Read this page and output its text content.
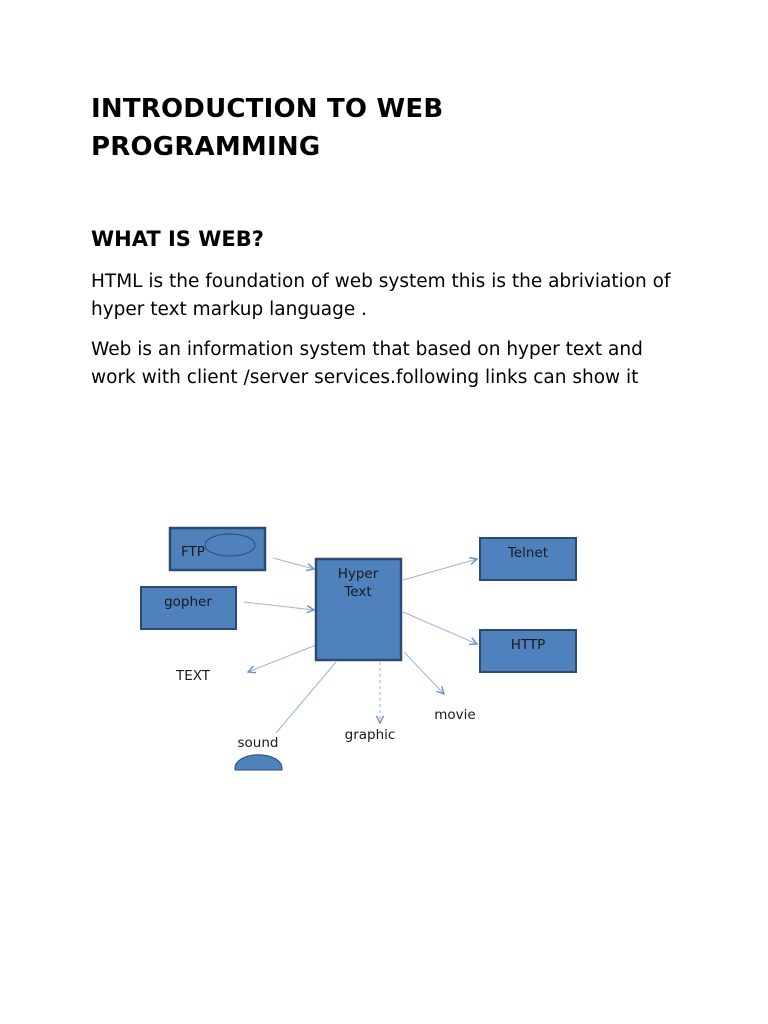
INTRODUCTION TO WEB PROGRAMMING
WHAT IS WEB?

HTML is the foundation of web system this is the abriviation of hyper text markup language .

Web is an information system that based on hyper text and work with client /server services.following links can show it

FTP
gopher
Hyper
Text
Telnet
HTTP
TEXT
movie
graphic
sound
